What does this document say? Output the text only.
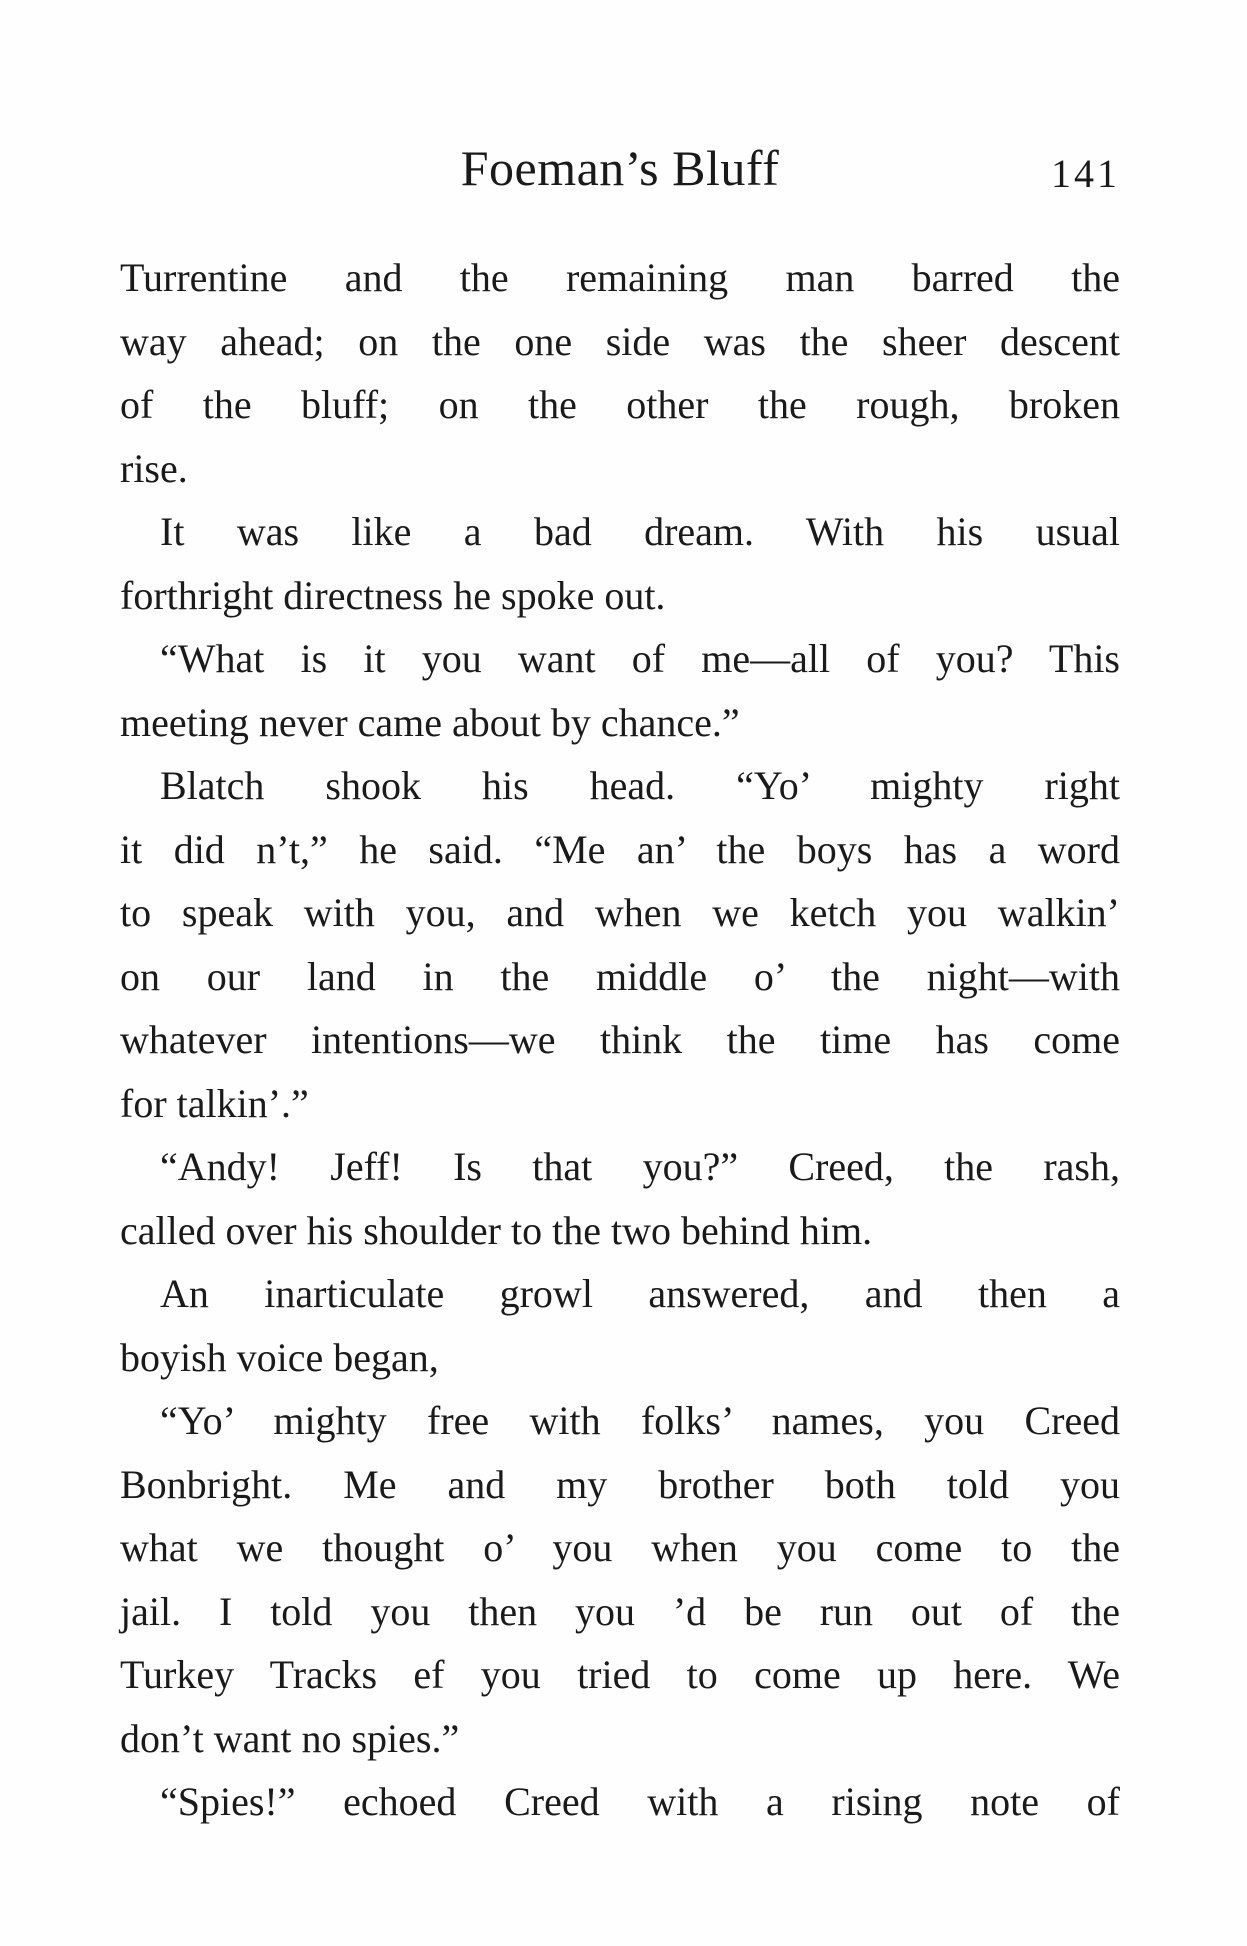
Foeman’s Bluff	141
Turrentine and the remaining man barred the
way ahead; on the one side was the sheer descent
of the bluff; on the other the rough, broken
rise.
It was like a bad dream. With his usual
forthright directness he spoke out.
“What is it you want of me—all of you? This
meeting never came about by chance.”
Blatch shook his head. “Yo’ mighty right
it did n’t,” he said. “Me an’ the boys has a word
to speak with you, and when we ketch you walkin’
on our land in the middle o’ the night—with
whatever intentions—we think the time has come
for talkin’.”
“Andy! Jeff! Is that you?” Creed, the rash,
called over his shoulder to the two behind him.
An inarticulate growl answered, and then a
boyish voice began,
“Yo’ mighty free with folks’ names, you Creed
Bonbright. Me and my brother both told you
what we thought o’ you when you come to the
jail. I told you then you ’d be run out of the
Turkey Tracks ef you tried to come up here. We
don’t want no spies.”
“Spies!” echoed Creed with a rising note of
